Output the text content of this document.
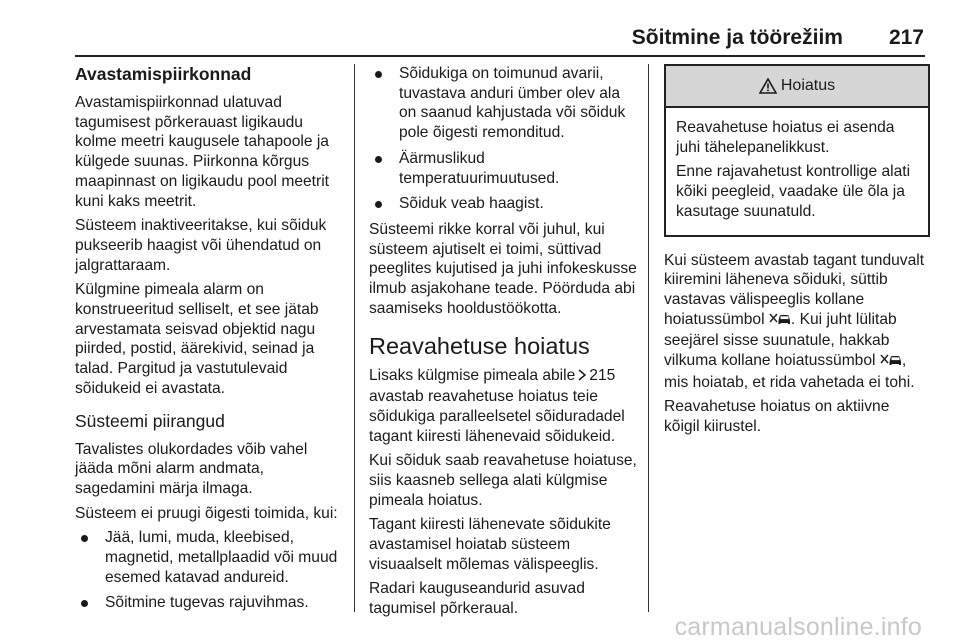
Sõitmine ja töörežiim 217
Avastamispiirkonnad

Avastamispiirkonnad ulatuvad tagumisest põrkerauast ligikaudu kolme meetri kaugusele tahapoole ja külgede suunas. Piirkonna kõrgus maapinnast on ligikaudu pool meetrit kuni kaks meetrit.

Süsteem inaktiveeritakse, kui sõiduk pukseerib haagist või ühendatud on jalgrattaraam.

Külgmine pimeala alarm on konstrueeritud selliselt, et see jätab arvestamata seisvad objektid nagu piirded, postid, äärekivid, seinad ja talad. Pargitud ja vastutulevaid sõidukeid ei avastata.

Süsteemi piirangud

Tavalistes olukordades võib vahel jääda mõni alarm andmata, sagedamini märja ilmaga.

Süsteem ei pruugi õigesti toimida, kui:

Jää, lumi, muda, kleebised, magnetid, metallplaadid või muud esemed katavad andureid.
Sõitmine tugevas rajuvihmas.
Sõidukiga on toimunud avarii, tuvastava anduri ümber olev ala on saanud kahjustada või sõiduk pole õigesti remonditud.
Äärmuslikud temperatuurimuutused.
Sõiduk veab haagist.

Süsteemi rikke korral või juhul, kui süsteem ajutiselt ei toimi, süttivad peeglites kujutised ja juhi infokeskusse ilmub asjakohane teade. Pöörduda abi saamiseks hooldustöökotta.

Reavahetuse hoiatus

Lisaks külgmise pimeala abile 215 avastab reavahetuse hoiatus teie sõidukiga paralleelsetel sõiduradadel tagant kiiresti lähenevaid sõidukeid.

Kui sõiduk saab reavahetuse hoiatuse, siis kaasneb sellega alati külgmise pimeala hoiatus.

Tagant kiiresti lähenevate sõidukite avastamisel hoiatab süsteem visuaalselt mõlemas välispeeglis.

Radari kauguseandurid asuvad tagumisel põrkeraual.

Hoiatus

Reavahetuse hoiatus ei asenda juhi tähelepanelikkust.

Enne rajavahetust kontrollige alati kõiki peegleid, vaadake üle õla ja kasutage suunatuld.

Kui süsteem avastab tagant tunduvalt kiiremini läheneva sõiduki, süttib vastavas välispeeglis kollane hoiatussümbol . Kui juht lülitab seejärel sisse suunatule, hakkab vilkuma kollane hoiatussümbol , mis hoiatab, et rida vahetada ei tohi.

Reavahetuse hoiatus on aktiivne kõigil kiirustel.

carmanualsonline.info
